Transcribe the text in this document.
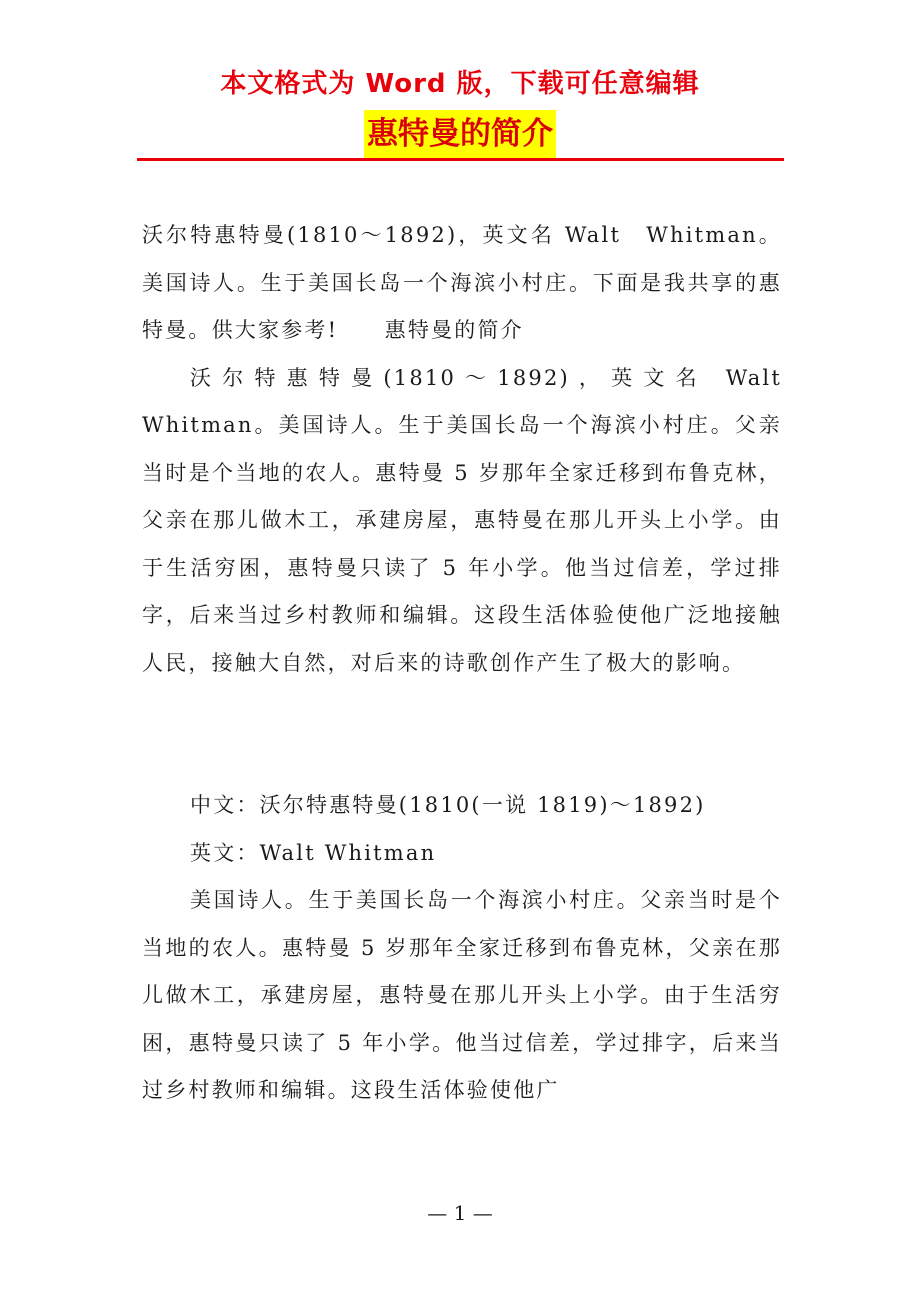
本文格式为 Word 版，下载可任意编辑
惠特曼的简介

沃尔特惠特曼(1810～1892)，英文名 Walt　Whitman。美国诗人。生于美国长岛一个海滨小村庄。下面是我共享的惠特曼。供大家参考!　　惠特曼的简介

沃尔特惠特曼(1810～1892)，英文名 Walt　Whitman。美国诗人。生于美国长岛一个海滨小村庄。父亲当时是个当地的农人。惠特曼 5 岁那年全家迁移到布鲁克林，父亲在那儿做木工，承建房屋，惠特曼在那儿开头上小学。由于生活穷困，惠特曼只读了 5 年小学。他当过信差，学过排字，后来当过乡村教师和编辑。这段生活体验使他广泛地接触人民，接触大自然，对后来的诗歌创作产生了极大的影响。

中文：沃尔特惠特曼(1810(一说 1819)～1892)

英文：Walt Whitman

美国诗人。生于美国长岛一个海滨小村庄。父亲当时是个当地的农人。惠特曼 5 岁那年全家迁移到布鲁克林，父亲在那儿做木工，承建房屋，惠特曼在那儿开头上小学。由于生活穷困，惠特曼只读了 5 年小学。他当过信差，学过排字，后来当过乡村教师和编辑。这段生活体验使他广

— 1 —
